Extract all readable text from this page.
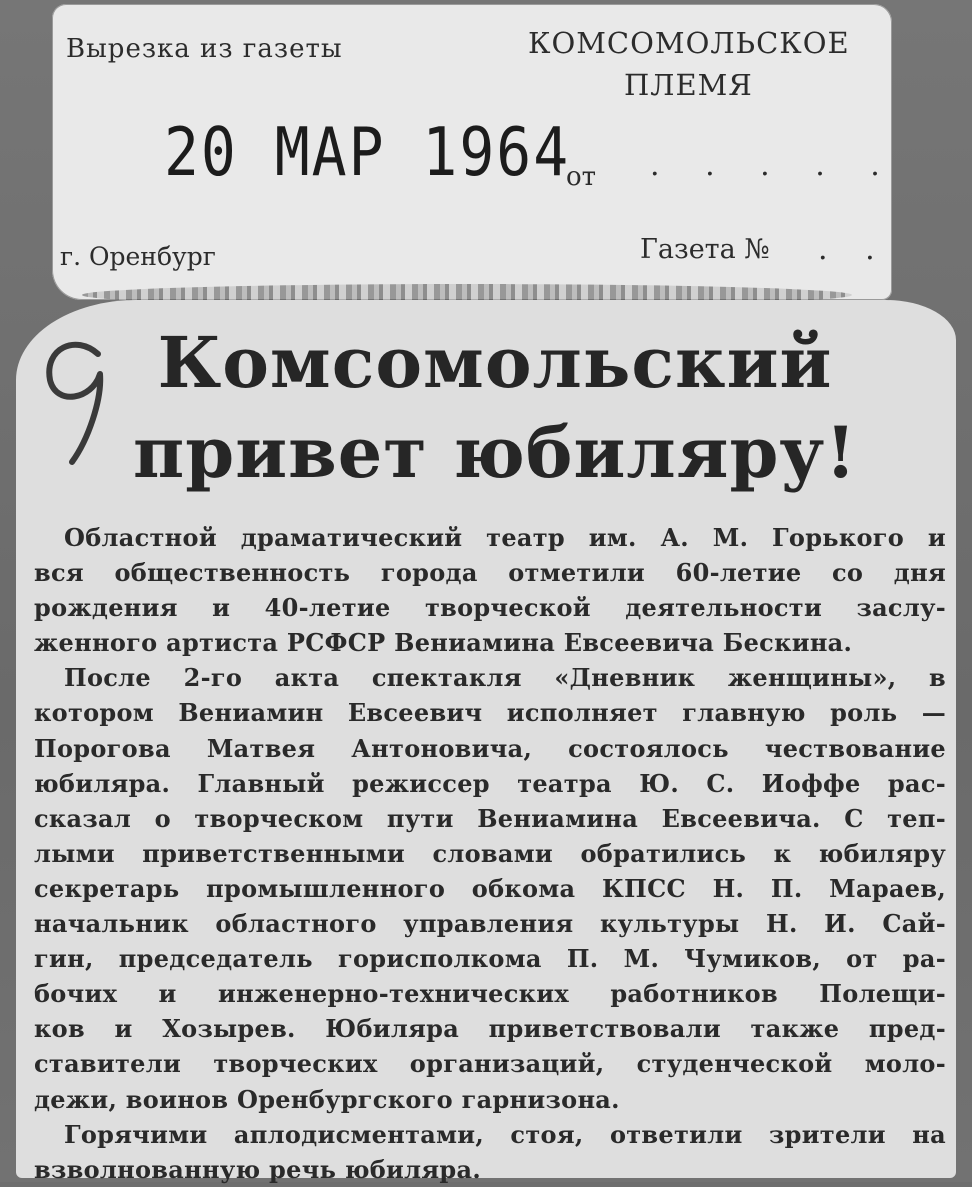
Вырезка из газеты	КОМСОМОЛЬСКОЕ
ПЛЕМЯ
20 МАР 1964
от . . . . .
г. Оренбург	Газета № . .
Комсомольский
привет юбиляру!
Областной драматический театр им. А. М. Горького и
вся общественность города отметили 60-летие со дня
рождения и 40-летие творческой деятельности заслу-
женного артиста РСФСР Вениамина Евсеевича Бескина.
После 2-го акта спектакля «Дневник женщины», в
котором Вениамин Евсеевич исполняет главную роль —
Порогова Матвея Антоновича, состоялось чествование
юбиляра. Главный режиссер театра Ю. С. Иоффе рас-
сказал о творческом пути Вениамина Евсеевича. С теп-
лыми приветственными словами обратились к юбиляру
секретарь промышленного обкома КПСС Н. П. Мараев,
начальник областного управления культуры Н. И. Сай-
гин, председатель горисполкома П. М. Чумиков, от ра-
бочих и инженерно-технических работников Полещи-
ков и Хозырев. Юбиляра приветствовали также пред-
ставители творческих организаций, студенческой моло-
дежи, воинов Оренбургского гарнизона.
Горячими аплодисментами, стоя, ответили зрители на
взволнованную речь юбиляра.
